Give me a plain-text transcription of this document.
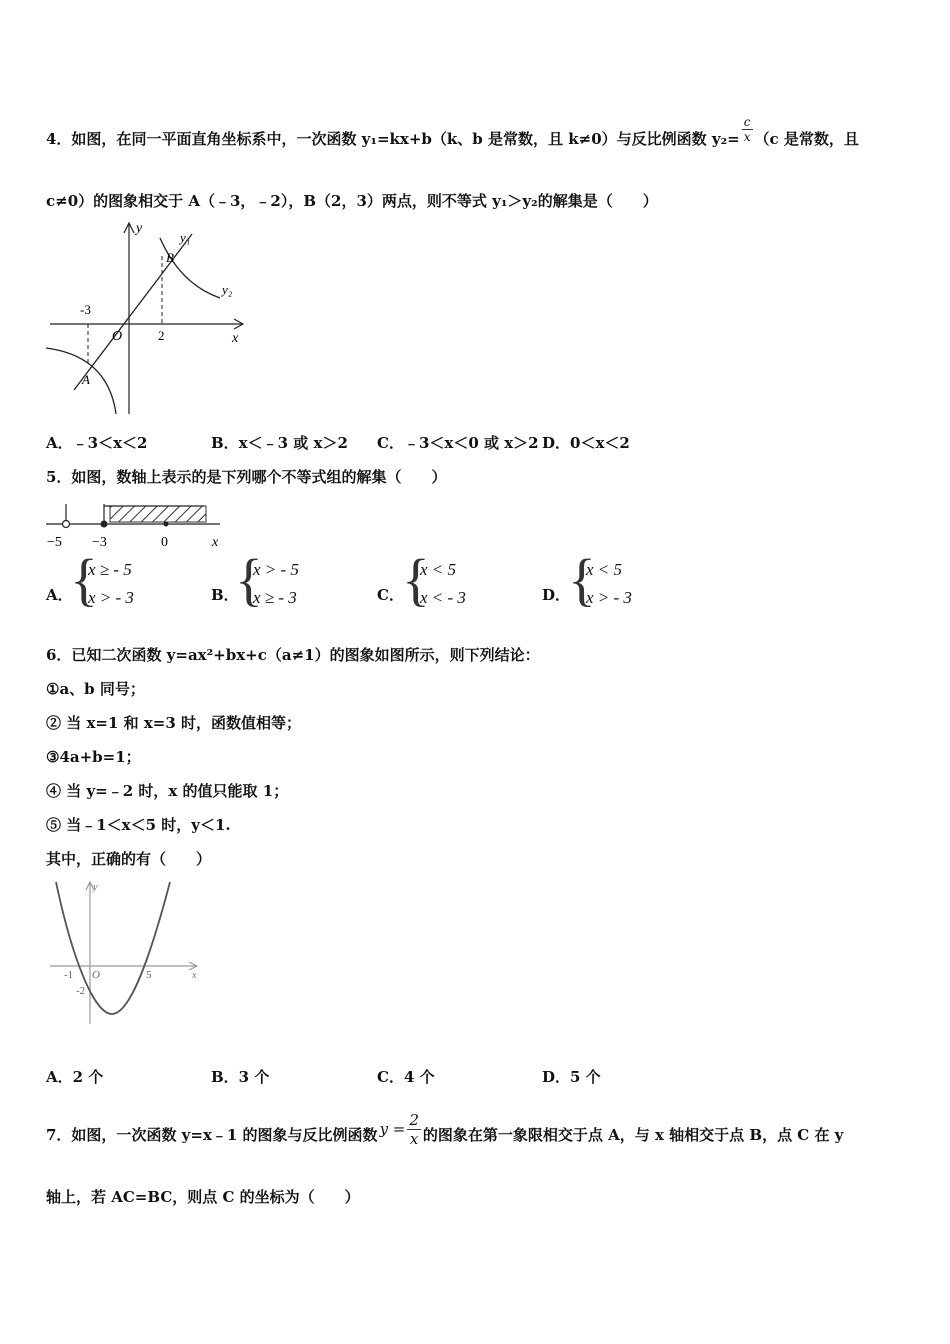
4．如图，在同一平面直角坐标系中，一次函数 y₁=kx+b（k、b 是常数，且 k≠0）与反比例函数 $y_2= \frac{c}{x} (c$ 是常数，且
c≠0）的图象相交于 A（﹣3，﹣2），B（2，3）两点，则不等式 y₁＞y₂的解集是（　　）
y
x
O
-3
2
A
B
y₁
y₂
A．﹣3＜x＜2	B．x＜﹣3 或 x＞2 C．﹣3＜x＜0 或 x＞2 D．0＜x＜2
5．如图，数轴上表示的是下列哪个不等式组的解集（　　）
−5 −3	0	x
A．
{
x ≥ - 5
x > - 3	B．
{
x > - 5
x ≥ - 3	C．
{
x < 5
x < - 3	D．
{
x < 5
x > - 3
6．已知二次函数 y=ax²+bx+c（a≠1）的图象如图所示，则下列结论：
①a、b 同号；
② 当 x=1 和 x=3 时，函数值相等；
③4a+b=1；
④ 当 y=﹣2 时，x 的值只能取 1；
⑤ 当﹣1＜x＜5 时，y＜1.
其中，正确的有（　　）
y
x
O
-1	5
-2
A．2 个	B．3 个	C．4 个	D．5 个
7．如图，一次函数 y=x﹣1 的图象与反比例函数 $y = \frac{2}{x}$ 的图象在第一象限相交于点 A，与 x 轴相交于点 B，点 C 在 y
轴上，若 AC=BC，则点 C 的坐标为（　　）
